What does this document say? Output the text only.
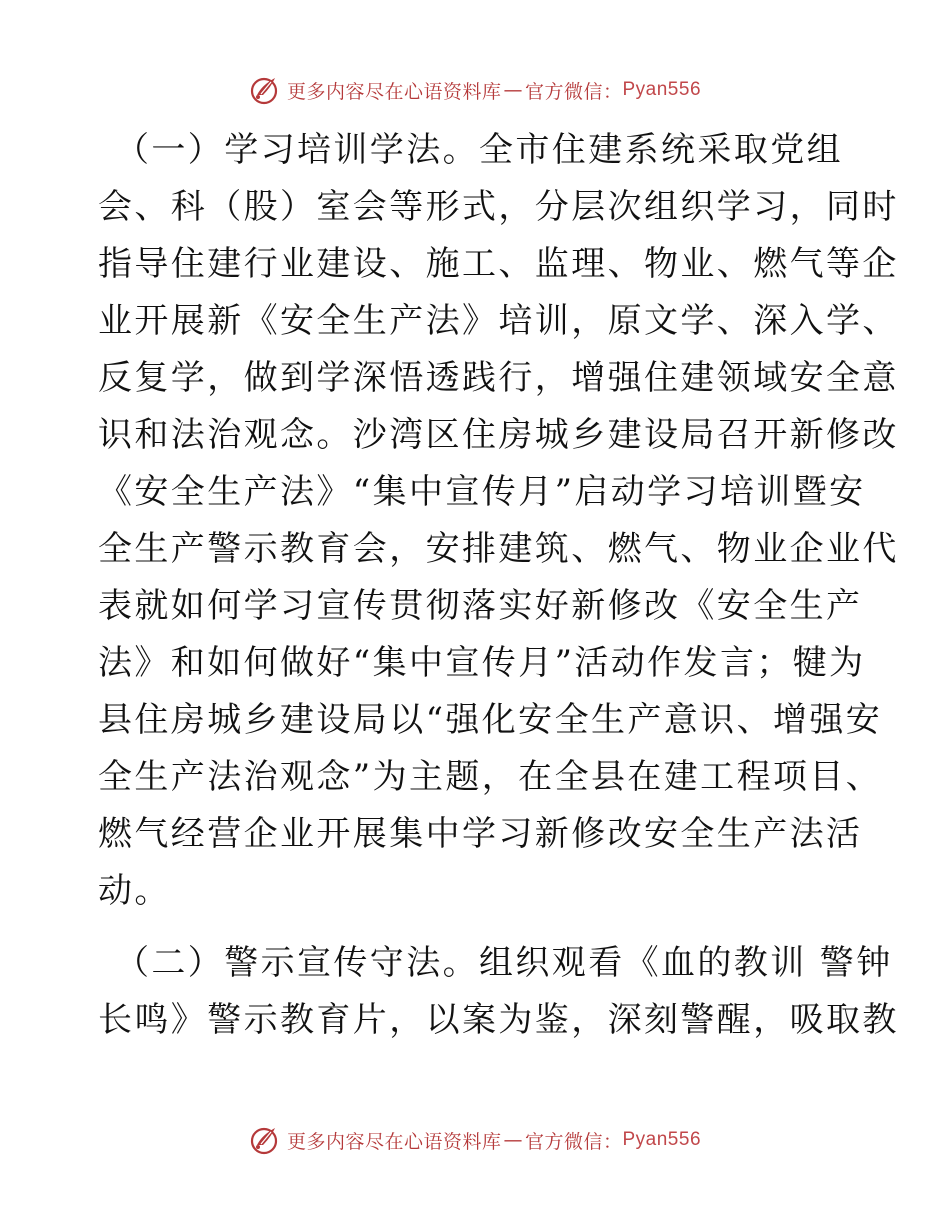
更多内容尽在心语资料库 — 官方微信： Pyan556

（一）学习培训学法。全市住建系统采取党组
会、科（股）室会等形式，分层次组织学习，同时
指导住建行业建设、施工、监理、物业、燃气等企
业开展新《安全生产法》培训，原文学、深入学、
反复学，做到学深悟透践行，增强住建领域安全意
识和法治观念。沙湾区住房城乡建设局召开新修改
《安全生产法》“集中宣传月”启动学习培训暨安
全生产警示教育会，安排建筑、燃气、物业企业代
表就如何学习宣传贯彻落实好新修改《安全生产
法》和如何做好“集中宣传月”活动作发言；犍为
县住房城乡建设局以“强化安全生产意识、增强安
全生产法治观念”为主题，在全县在建工程项目、
燃气经营企业开展集中学习新修改安全生产法活
动。

（二）警示宣传守法。组织观看《血的教训 警钟
长鸣》警示教育片，以案为鉴，深刻警醒，吸取教

更多内容尽在心语资料库 — 官方微信： Pyan556
